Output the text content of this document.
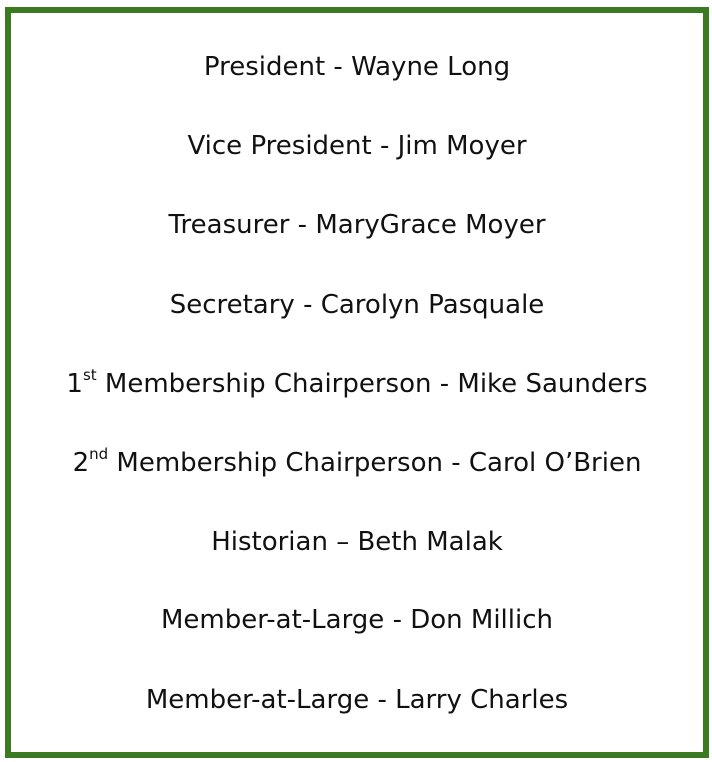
President - Wayne Long
Vice President - Jim Moyer
Treasurer - MaryGrace Moyer
Secretary - Carolyn Pasquale
1st Membership Chairperson - Mike Saunders
2nd Membership Chairperson - Carol O’Brien
Historian – Beth Malak
Member-at-Large - Don Millich
Member-at-Large - Larry Charles
